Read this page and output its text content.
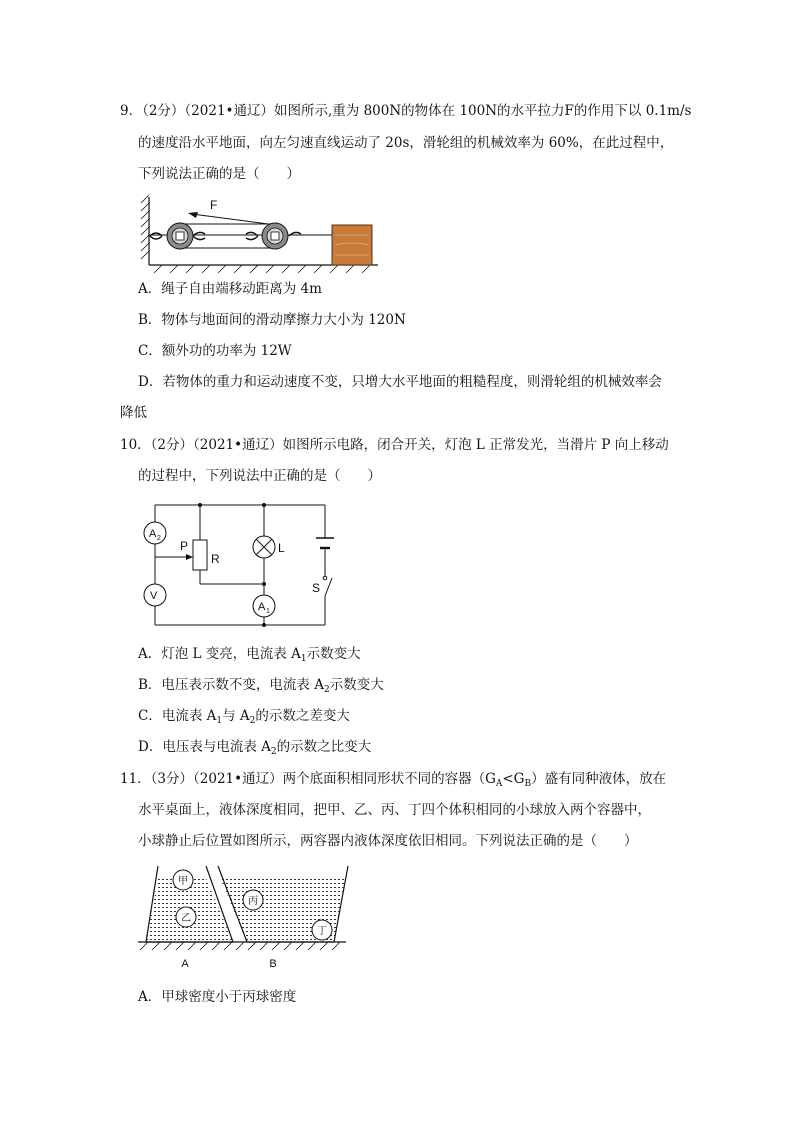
9．（2分）（2021•通辽）如图所示,重为 800N的物体在 100N的水平拉力F的作用下以 0.1m/s
的速度沿水平地面，向左匀速直线运动了 20s，滑轮组的机械效率为 60%，在此过程中，
下列说法正确的是（　　）
F
A．绳子自由端移动距离为 4m
B．物体与地面间的滑动摩擦力大小为 120N
C．额外功的功率为 12W
D．若物体的重力和运动速度不变，只增大水平地面的粗糙程度，则滑轮组的机械效率会
降低
10．（2分）（2021•通辽）如图所示电路，闭合开关，灯泡 L 正常发光，当滑片 P 向上移动
的过程中，下列说法中正确的是（　　）
A 2
V
A 1
P
R
L
S
A．灯泡 L 变亮，电流表 $A_1$示数变大
B．电压表示数不变，电流表 $A_2$示数变大
C．电流表 $A_1$与 $A_2$的示数之差变大
D．电压表与电流表 $A_2$的示数之比变大
11．（3分）（2021•通辽）两个底面积相同形状不同的容器$(G_A<G_B)$盛有同种液体，放在
水平桌面上，液体深度相同，把甲、乙、丙、丁四个体积相同的小球放入两个容器中，
小球静止后位置如图所示，两容器内液体深度依旧相同。下列说法正确的是（　　）
甲
乙
丙
丁
A	B
A．甲球密度小于丙球密度
